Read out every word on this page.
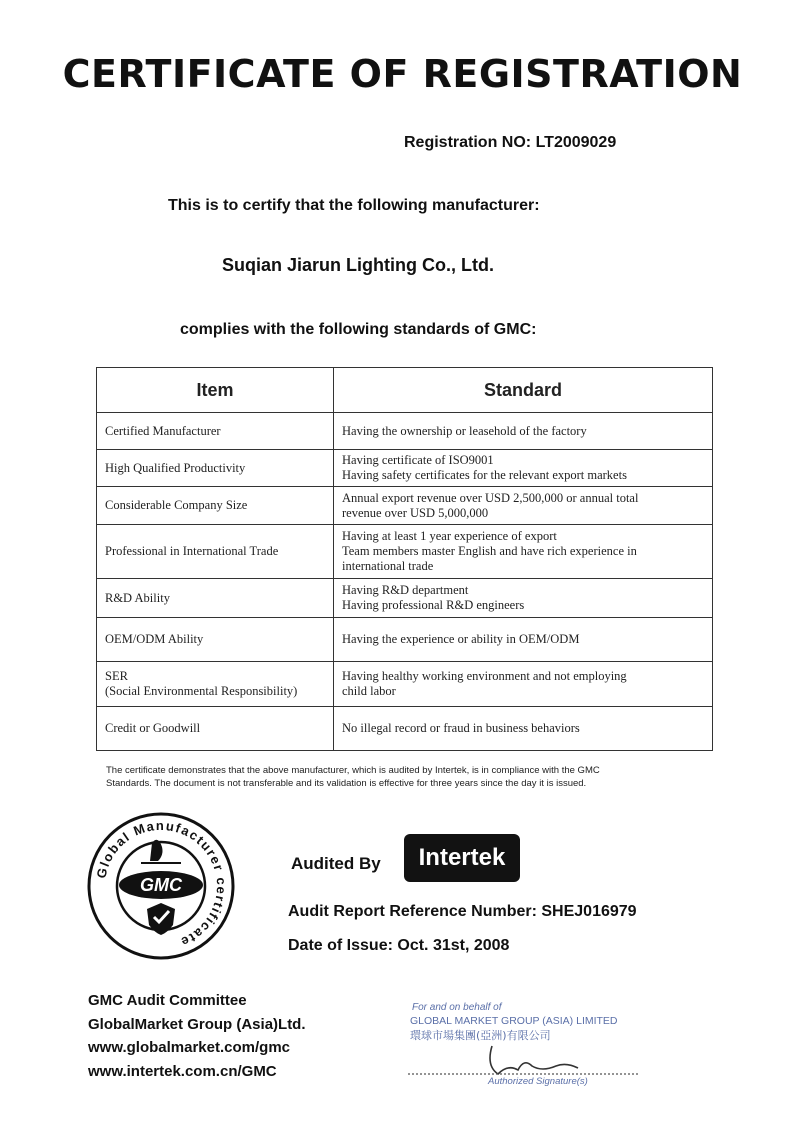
CERTIFICATE OF REGISTRATION
Registration NO: LT2009029
This is to certify that the following manufacturer:
Suqian Jiarun Lighting Co., Ltd.
complies with the following standards of GMC:
Item	Standard

Certified Manufacturer	Having the ownership or leasehold of the factory

High Qualified Productivity	Having certificate of ISO9001
Having safety certificates for the relevant export markets

Considerable Company Size	Annual export revenue over USD 2,500,000 or annual total
revenue over USD 5,000,000

Professional in International Trade	Having at least 1 year experience of export
Team members master English and have rich experience in
international trade

R&D Ability	Having R&D department
Having professional R&D engineers

OEM/ODM Ability	Having the experience or ability in OEM/ODM

SER
(Social Environmental Responsibility)	Having healthy working environment and not employing
child labor

Credit or Goodwill	No illegal record or fraud in business behaviors
The certificate demonstrates that the above manufacturer, which is audited by Intertek, is in compliance with the GMC
Standards. The document is not transferable and its validation is effective for three years since the day it is issued.
Global Manufacturer certificate
GMC
Audited By	Intertek
Audit Report Reference Number: SHEJ016979
Date of Issue: Oct. 31st, 2008
GMC Audit Committee
GlobalMarket Group (Asia)Ltd.
www.globalmarket.com/gmc
www.intertek.com.cn/GMC
For and on behalf of
GLOBAL MARKET GROUP (ASIA) LIMITED
環球市場集團(亞洲)有限公司
Authorized Signature(s)
